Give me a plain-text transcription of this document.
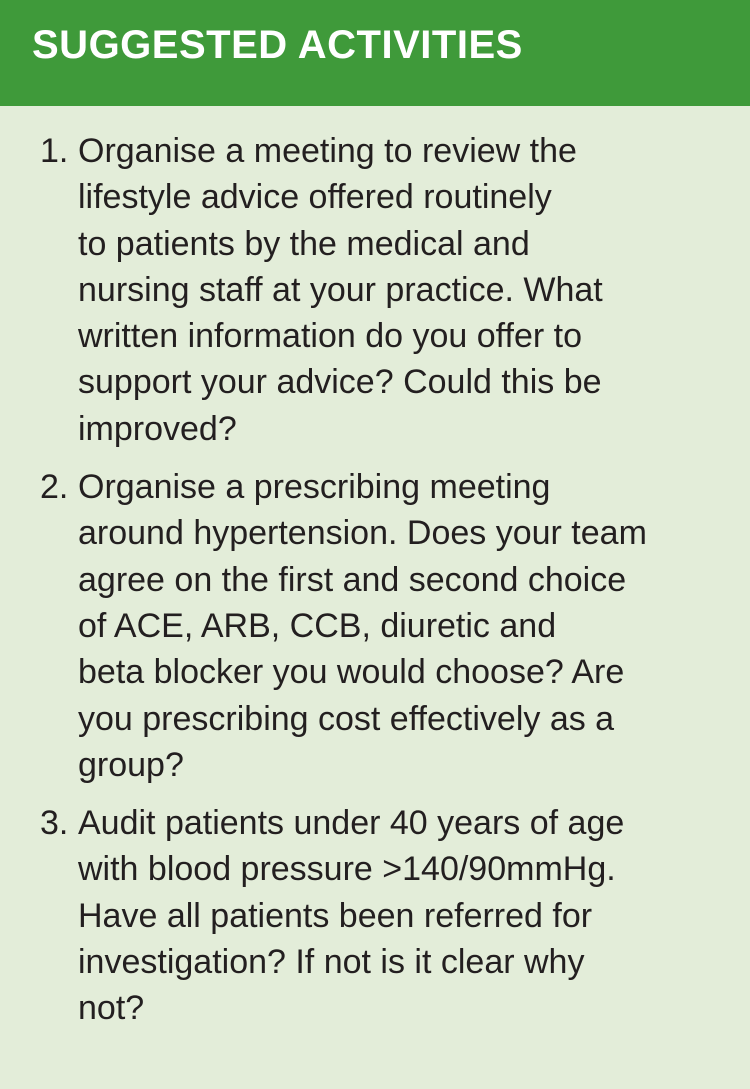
SUGGESTED ACTIVITIES
1. Organise a meeting to review the
lifestyle advice offered routinely
to patients by the medical and
nursing staff at your practice. What
written information do you offer to
support your advice? Could this be
improved?
2. Organise a prescribing meeting
around hypertension. Does your team
agree on the first and second choice
of ACE, ARB, CCB, diuretic and
beta blocker you would choose? Are
you prescribing cost effectively as a
group?
3. Audit patients under 40 years of age
with blood pressure >140/90mmHg.
Have all patients been referred for
investigation? If not is it clear why
not?
